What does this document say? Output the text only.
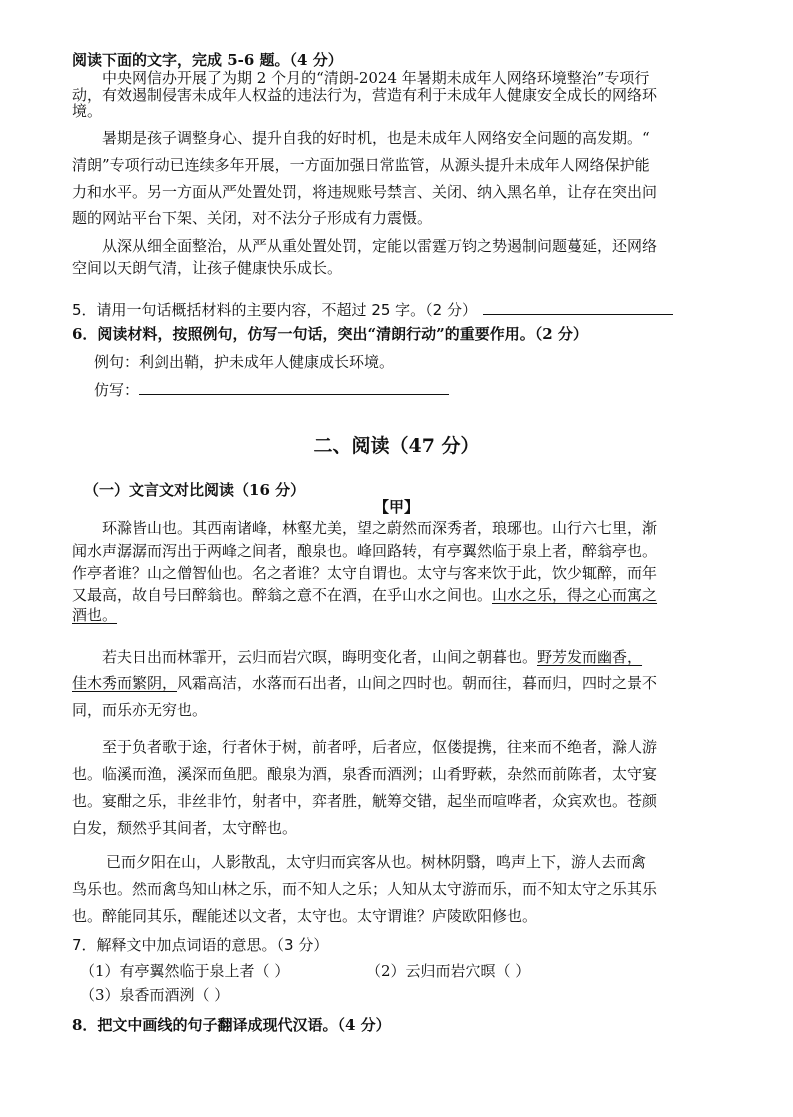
阅读下面的文字，完成 5-6 题。（4 分）
中央网信办开展了为期 2 个月的“清朗-2024 年暑期未成年人网络环境整治”专项行
动，有效遏制侵害未成年人权益的违法行为，营造有利于未成年人健康安全成长的网络环
境。
暑期是孩子调整身心、提升自我的好时机，也是未成年人网络安全问题的高发期。“
清朗”专项行动已连续多年开展，一方面加强日常监管，从源头提升未成年人网络保护能
力和水平。另一方面从严处置处罚，将违规账号禁言、关闭、纳入黑名单，让存在突出问
题的网站平台下架、关闭，对不法分子形成有力震慑。
从深从细全面整治，从严从重处置处罚，定能以雷霆万钧之势遏制问题蔓延，还网络
空间以天朗气清，让孩子健康快乐成长。
5．请用一句话概括材料的主要内容，不超过 25 字。（2 分）
6．阅读材料，按照例句，仿写一句话，突出“清朗行动”的重要作用。（2 分）
例句：利剑出鞘，护未成年人健康成长环境。
仿写：
二、阅读（47 分）
（一）文言文对比阅读（16 分）
【甲】
环滁皆山也。其西南诸峰，林壑尤美，望之蔚然而深秀者，琅琊也。山行六七里，渐
闻水声潺潺而泻出于两峰之间者，酿泉也。峰回路转，有亭翼然临于泉上者，醉翁亭也。
作亭者谁？山之僧智仙也。名之者谁？太守自谓也。太守与客来饮于此，饮少辄醉，而年
又最高，故自号曰醉翁也。醉翁之意不在酒，在乎山水之间也。山水之乐，得之心而寓之
酒也。
若夫日出而林霏开，云归而岩穴暝，晦明变化者，山间之朝暮也。野芳发而幽香，
佳木秀而繁阴，风霜高洁，水落而石出者，山间之四时也。朝而往，暮而归，四时之景不
同，而乐亦无穷也。
至于负者歌于途，行者休于树，前者呼，后者应，伛偻提携，往来而不绝者，滁人游
也。临溪而渔，溪深而鱼肥。酿泉为酒，泉香而酒洌；山肴野蔌，杂然而前陈者，太守宴
也。宴酣之乐，非丝非竹，射者中，弈者胜，觥筹交错，起坐而喧哗者，众宾欢也。苍颜
白发，颓然乎其间者，太守醉也。
已而夕阳在山，人影散乱，太守归而宾客从也。树林阴翳，鸣声上下，游人去而禽
鸟乐也。然而禽鸟知山林之乐，而不知人之乐；人知从太守游而乐，而不知太守之乐其乐
也。醉能同其乐，醒能述以文者，太守也。太守谓谁？庐陵欧阳修也。
7．解释文中加点词语的意思。（3 分）
（1）有亭翼然临于泉上者（ ）	（2）云归而岩穴暝（ ）
（3）泉香而酒洌（ ）
8．把文中画线的句子翻译成现代汉语。（4 分）
